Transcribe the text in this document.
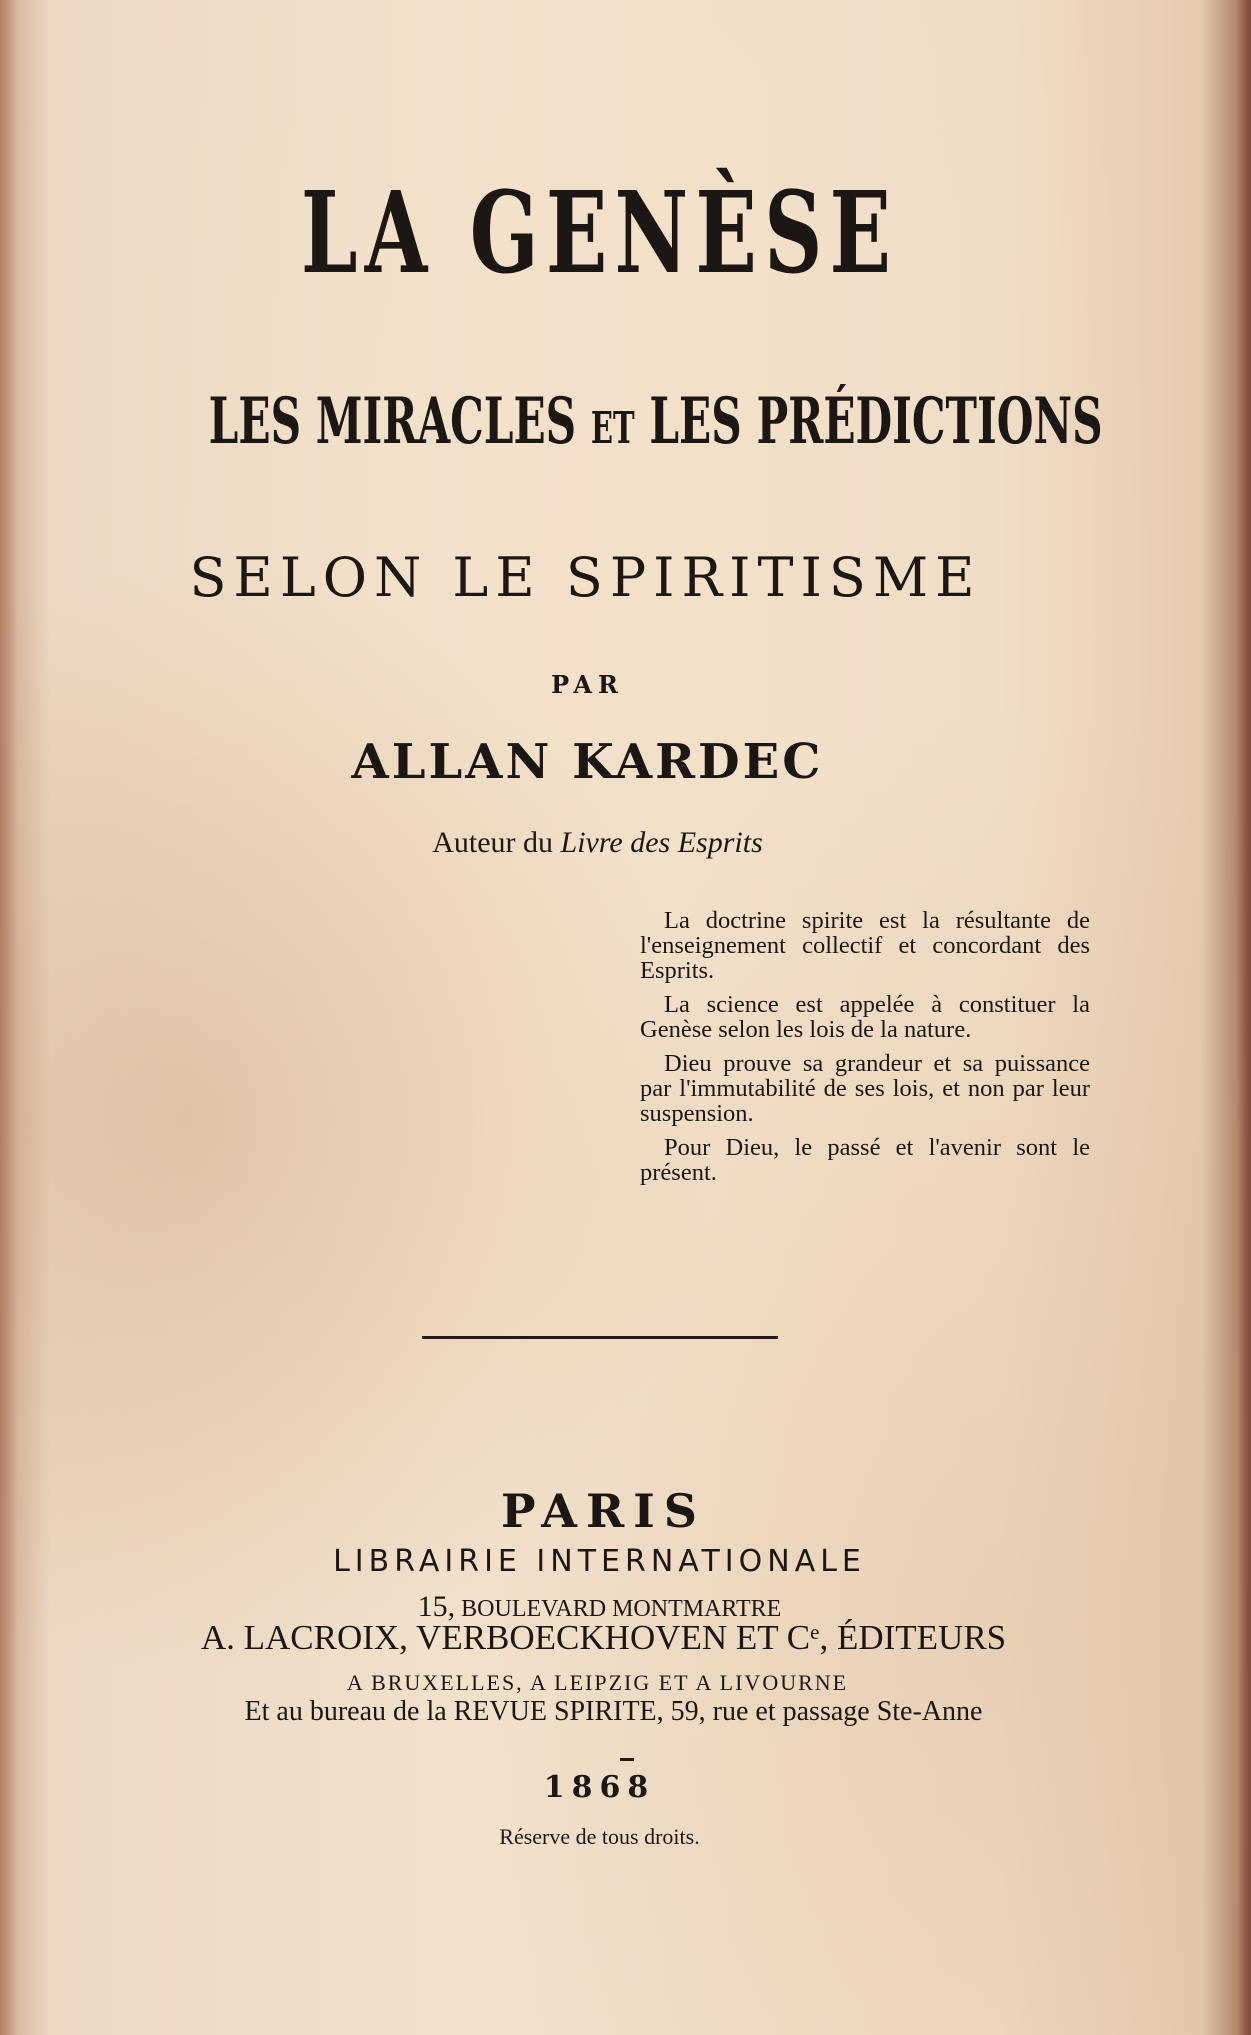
LA GENÈSE
LES MIRACLES ET LES PRÉDICTIONS
SELON LE SPIRITISME
PAR
ALLAN KARDEC
Auteur du Livre des Esprits

La doctrine spirite est la résultante de l'enseignement collectif et concordant des Esprits.

La science est appelée à constituer la Genèse selon les lois de la nature.

Dieu prouve sa grandeur et sa puissance par l'immutabilité de ses lois, et non par leur suspension.

Pour Dieu, le passé et l'avenir sont le présent.

PARIS
LIBRAIRIE INTERNATIONALE
15, BOULEVARD MONTMARTRE
A. LACROIX, VERBOECKHOVEN ET Ce, ÉDITEURS
A BRUXELLES, A LEIPZIG ET A LIVOURNE
Et au bureau de la REVUE SPIRITE, 59, rue et passage Ste-Anne
1868
Réserve de tous droits.
